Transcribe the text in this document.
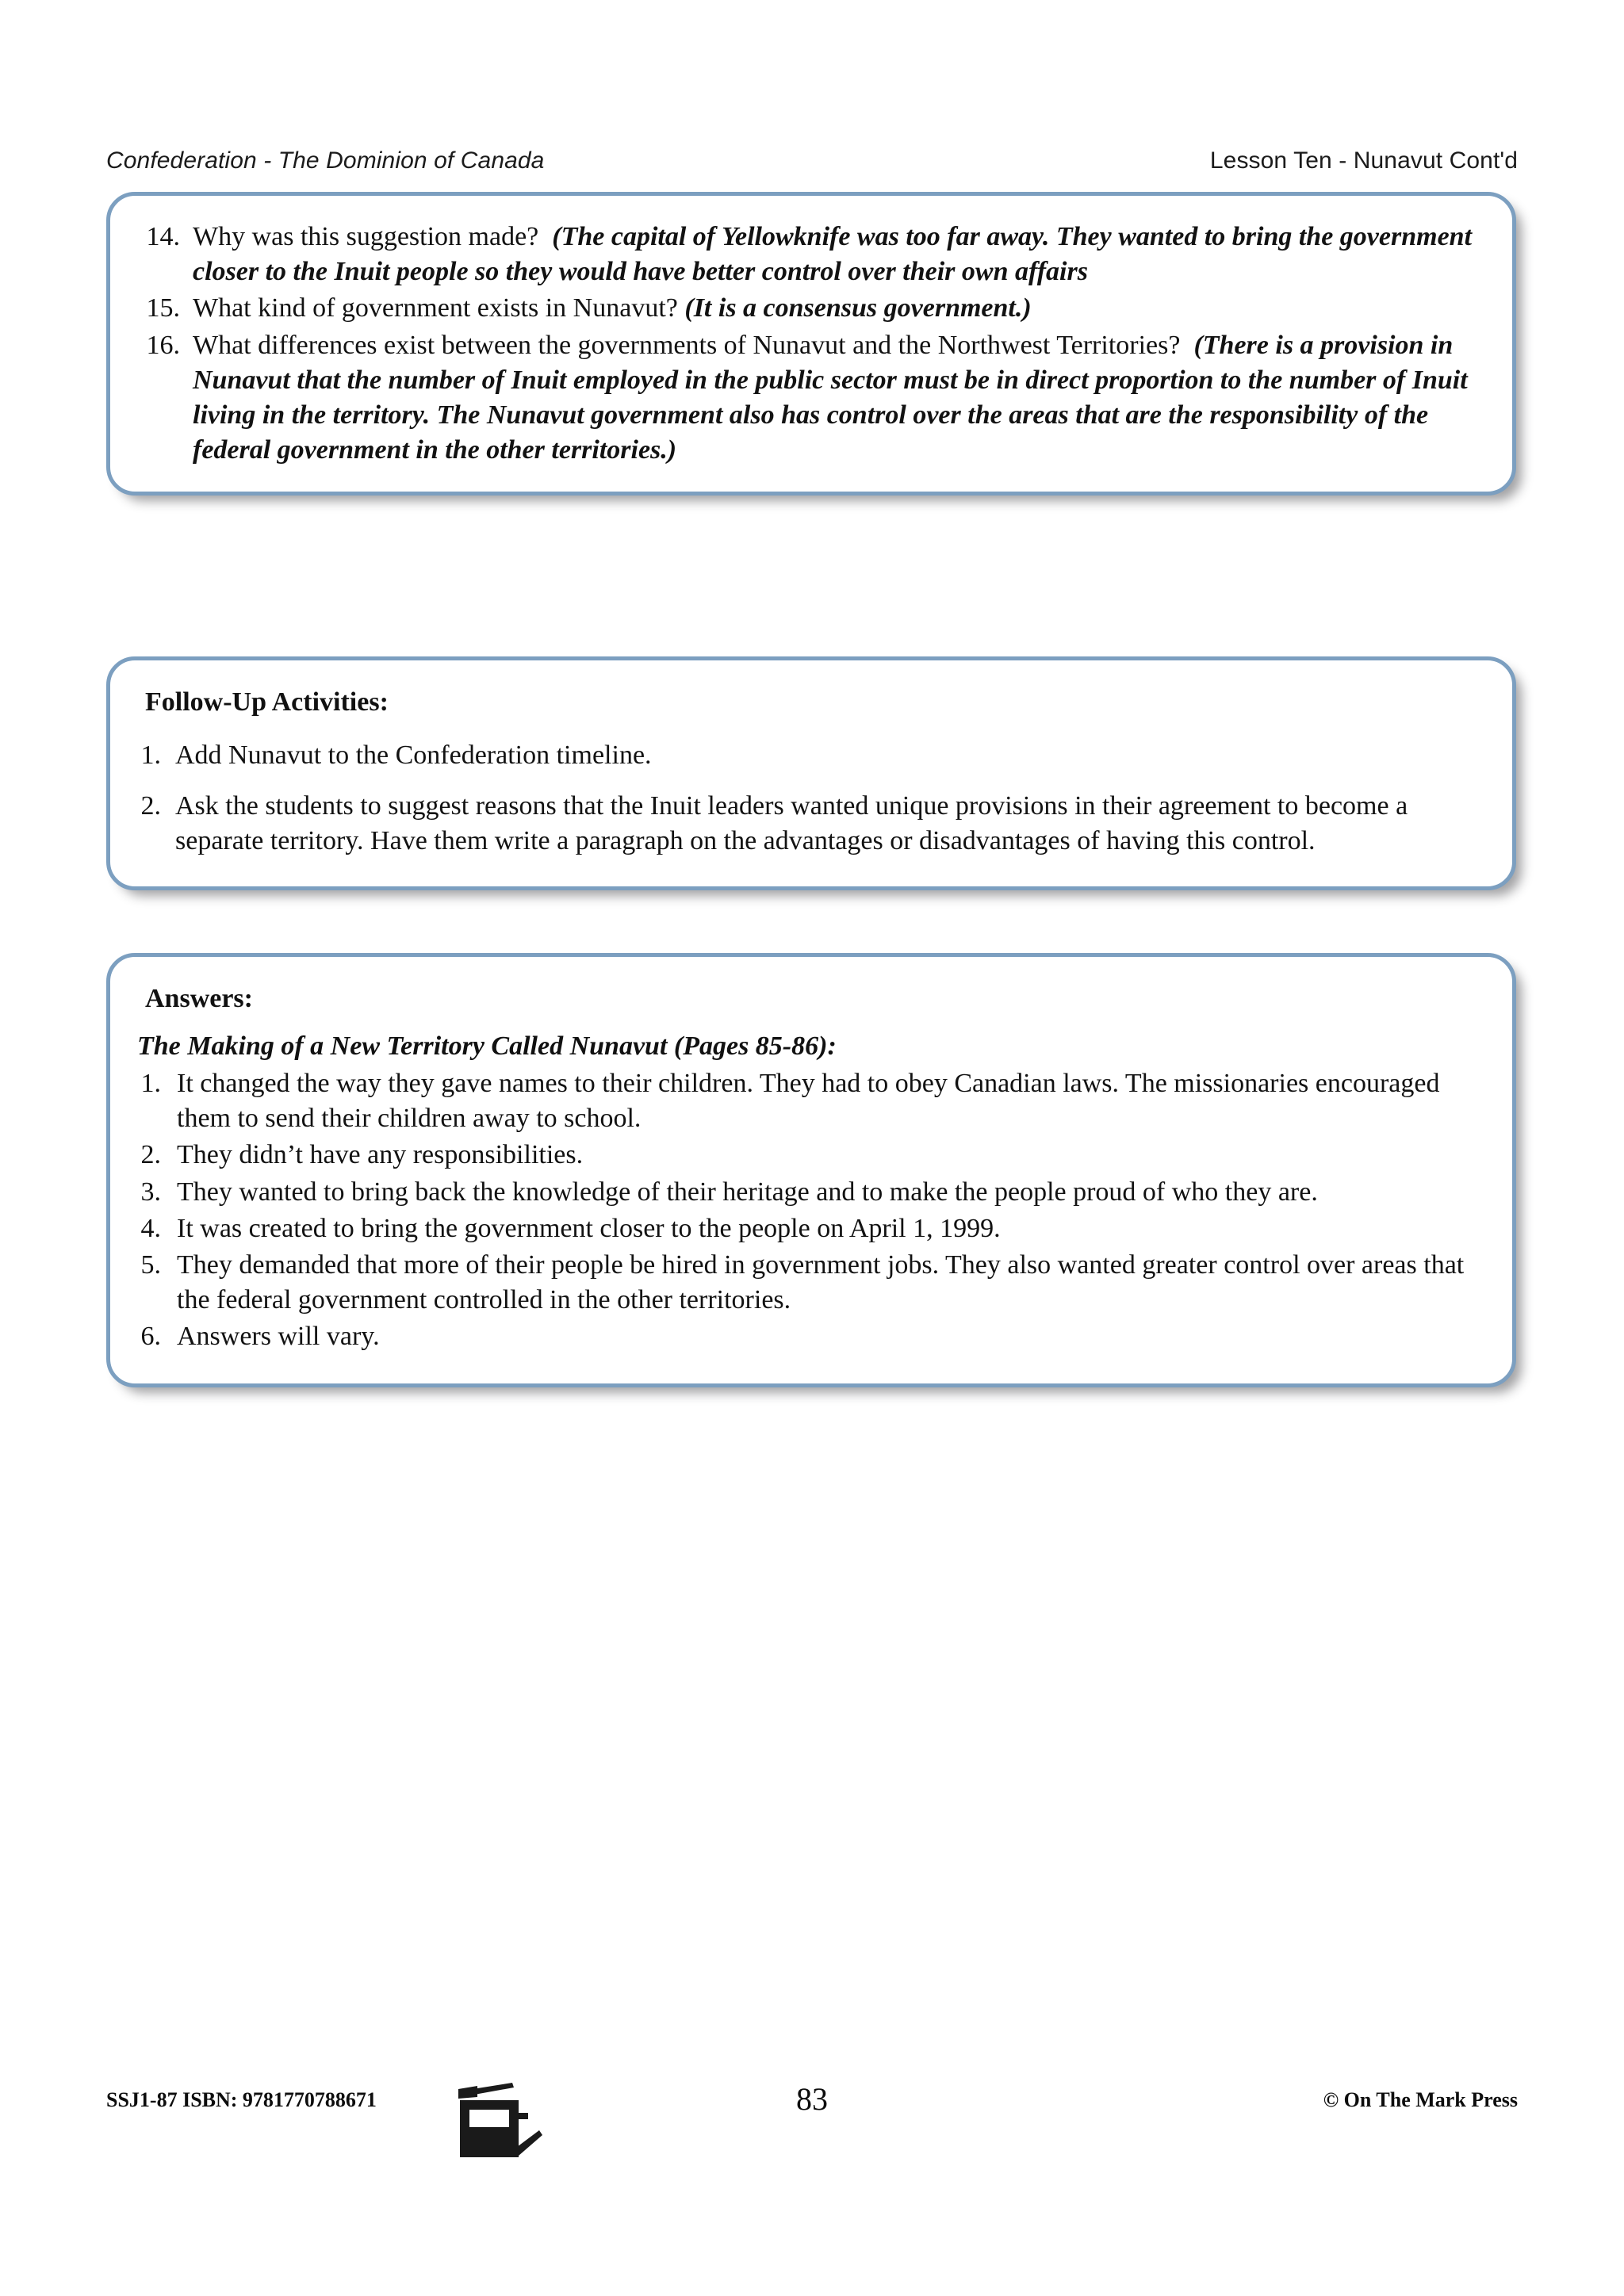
Confederation - The Dominion of Canada	Lesson Ten - Nunavut Cont'd
14. Why was this suggestion made? (The capital of Yellowknife was too far away. They wanted to bring the government closer to the Inuit people so they would have better control over their own affairs
15. What kind of government exists in Nunavut? (It is a consensus government.)
16. What differences exist between the governments of Nunavut and the Northwest Territories? (There is a provision in Nunavut that the number of Inuit employed in the public sector must be in direct proportion to the number of Inuit living in the territory. The Nunavut government also has control over the areas that are the responsibility of the federal government in the other territories.)
Follow-Up Activities:
1. Add Nunavut to the Confederation timeline.
2. Ask the students to suggest reasons that the Inuit leaders wanted unique provisions in their agreement to become a separate territory. Have them write a paragraph on the advantages or disadvantages of having this control.
Answers:
The Making of a New Territory Called Nunavut (Pages 85-86):
1. It changed the way they gave names to their children. They had to obey Canadian laws. The missionaries encouraged them to send their children away to school.
2. They didn’t have any responsibilities.
3. They wanted to bring back the knowledge of their heritage and to make the people proud of who they are.
4. It was created to bring the government closer to the people on April 1, 1999.
5. They demanded that more of their people be hired in government jobs. They also wanted greater control over areas that the federal government controlled in the other territories.
6. Answers will vary.
SSJ1-87 ISBN: 9781770788671	83	© On The Mark Press
